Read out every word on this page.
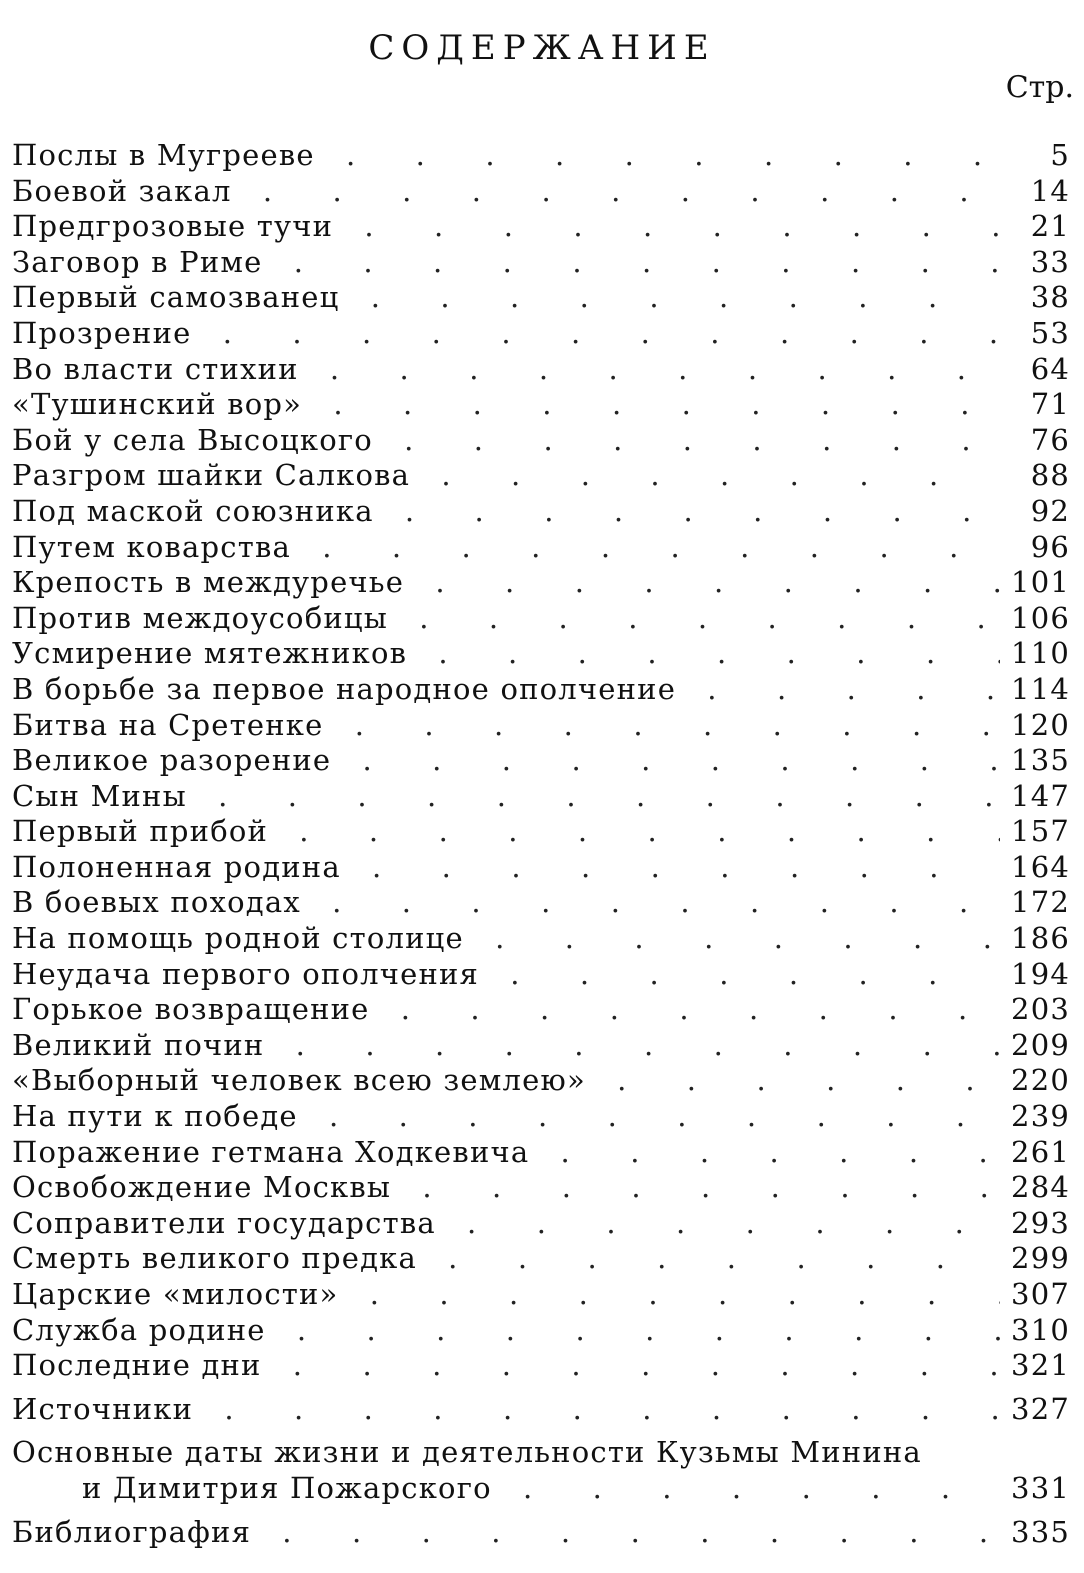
СОДЕРЖАНИЕ
Стр.
Послы в Мугрееве . .	5
Боевой закал . .	14
Предгрозовые тучи . .	21
Заговор в Риме . .	33
Первый самозванец . .	38
Прозрение . .	53
Во власти стихии . .	64
«Тушинский вор» . .	71
Бой у села Высоцкого . .	76
Разгром шайки Салкова . .	88
Под маской союзника . .	92
Путем коварства . .	96
Крепость в междуречье . .	101
Против междоусобицы . .	106
Усмирение мятежников . .	110
В борьбе за первое народное ополчение . .	114
Битва на Сретенке . .	120
Великое разорение . .	135
Сын Мины . .	147
Первый прибой . .	157
Полоненная родина . .	164
В боевых походах . .	172
На помощь родной столице . .	186
Неудача первого ополчения . .	194
Горькое возвращение . .	203
Великий почин . .	209
«Выборный человек всею землею» . .	220
На пути к победе . .	239
Поражение гетмана Ходкевича . .	261
Освобождение Москвы . .	284
Соправители государства . .	293
Смерть великого предка . .	299
Царские «милости» . .	307
Служба родине . .	310
Последние дни . .	321
Источники . .	327
Основные даты жизни и деятельности Кузьмы Минина
и Димитрия Пожарского . .	331
Библиография . .	335
